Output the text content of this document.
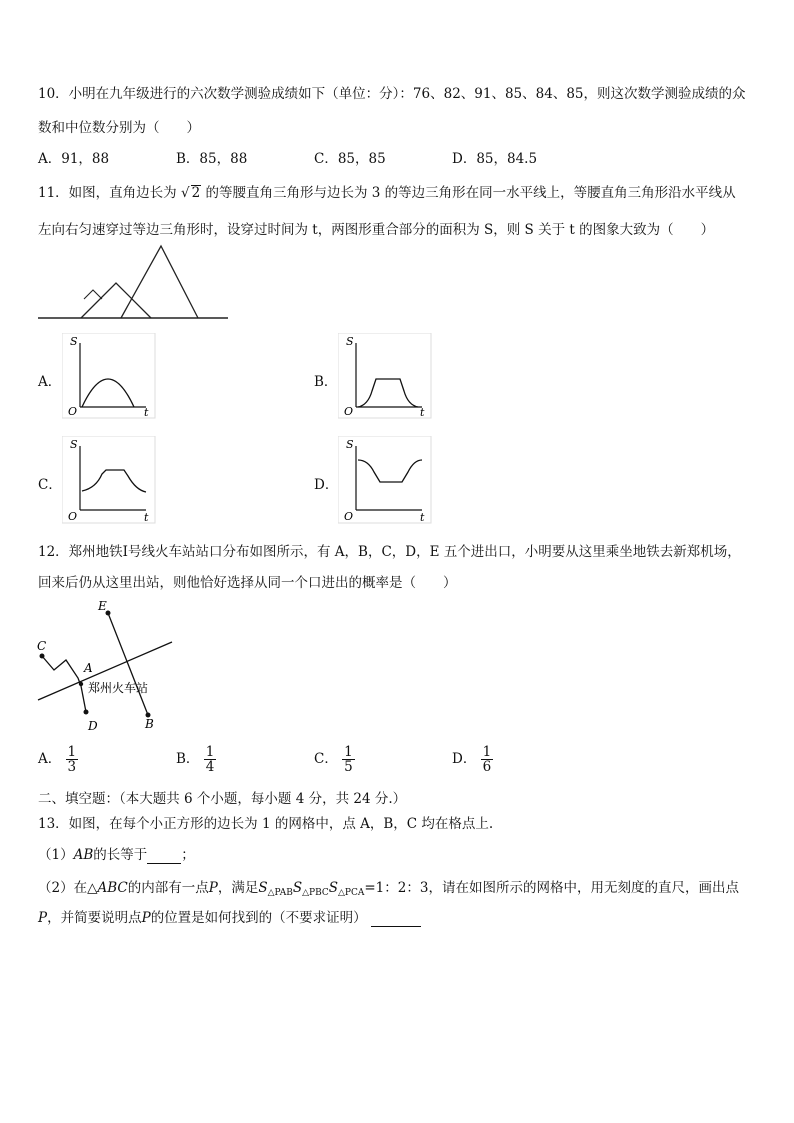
10．小明在九年级进行的六次数学测验成绩如下（单位：分）：76、82、91、85、84、85，则这次数学测验成绩的众
数和中位数分别为（　　）
A．91，88	B．85，88	C．85，85	D．85，84.5
11．如图，直角边长为 √ 2 的等腰直角三角形与边长为 3 的等边三角形在同一水平线上，等腰直角三角形沿水平线从
左向右匀速穿过等边三角形时，设穿过时间为 t，两图形重合部分的面积为 S，则 S 关于 t 的图象大致为（　　）
A．
S
O	t
B．
S
O	t
C．
S
O	t
D．
S
O	t
12．郑州地铁Ⅰ号线火车站站口分布如图所示，有 A，B，C，D，E 五个进出口，小明要从这里乘坐地铁去新郑机场，
回来后仍从这里出站，则他恰好选择从同一个口进出的概率是（　　）
C
A
D
E
B
郑州火车站
A． $\frac{1}{3}$	B． $\frac{1}{4}$	C． $\frac{1}{5}$	D． $\frac{1}{6}$
二、填空题：（本大题共 6 个小题，每小题 4 分，共 24 分.）
13．如图，在每个小正方形的边长为 1 的网格中，点 A，B，C 均在格点上.
（1）AB的长等于	；
（2）在△ABC的内部有一点P，满足$S_{\triangle PAB}S_{\triangle PBC}S_{\triangle PCA}=1$：2：3，请在如图所示的网格中，用无刻度的直尺，画出点
P，并简要说明点P的位置是如何找到的（不要求证明）
